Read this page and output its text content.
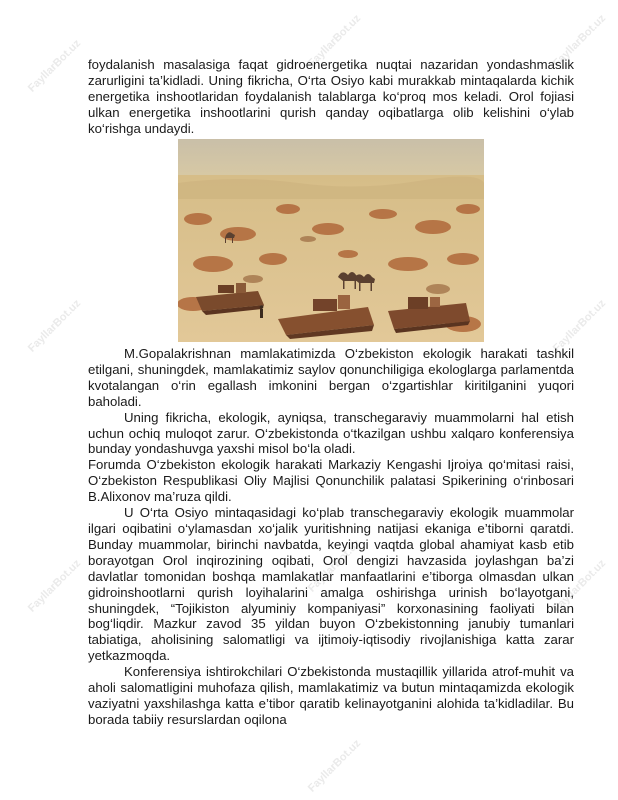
FayllarBot.uz	FayllarBot.uz	FayllarBot.uz
FayllarBot.uz	FayllarBot.uz
FayllarBot.uz	FayllarBot.uz	FayllarBot.uz
FayllarBot.uz

foydalanish masalasiga faqat gidroenergetika nuqtai nazaridan yondashmaslik zarurligini ta’kidladi. Uning fikricha, O‘rta Osiyo kabi murakkab mintaqalarda kichik energetika inshootlaridan foydalanish talablarga ko‘proq mos keladi. Orol fojiasi ulkan energetika inshootlarini qurish qanday oqibatlarga olib kelishini o‘ylab ko‘rishga undaydi.

M.Gopalakrishnan mamlakatimizda O‘zbekiston ekologik harakati tashkil etilgani, shuningdek, mamlakatimiz saylov qonunchiligiga ekologlarga parlamentda kvotalangan o‘rin egallash imkonini bergan o‘zgartishlar kiritilganini yuqori baholadi.

Uning fikricha, ekologik, ayniqsa, transchegaraviy muammolarni hal etish uchun ochiq muloqot zarur. O‘zbekistonda o‘tkazilgan ushbu xalqaro konferensiya bunday yondashuvga yaxshi misol bo‘la oladi.

Forumda O‘zbekiston ekologik harakati Markaziy Kengashi Ijroiya qo‘mitasi raisi, O‘zbekiston Respublikasi Oliy Majlisi Qonunchilik palatasi Spikerining o‘rinbosari B.Alixonov ma’ruza qildi.

U O‘rta Osiyo mintaqasidagi ko‘plab transchegaraviy ekologik muammolar ilgari oqibatini o‘ylamasdan xo‘jalik yuritishning natijasi ekaniga e’tiborni qaratdi. Bunday muammolar, birinchi navbatda, keyingi vaqtda global ahamiyat kasb etib borayotgan Orol inqirozining oqibati, Orol dengizi havzasida joylashgan ba’zi davlatlar tomonidan boshqa mamlakatlar manfaatlarini e’tiborga olmasdan ulkan gidroinshootlarni qurish loyihalarini amalga oshirishga urinish bo‘layotgani, shuningdek, “Tojikiston alyuminiy kompaniyasi” korxonasining faoliyati bilan bog‘liqdir. Mazkur zavod 35 yildan buyon O‘zbekistonning janubiy tumanlari tabiatiga, aholisining salomatligi va ijtimoiy-iqtisodiy rivojlanishiga katta zarar yetkazmoqda.

Konferensiya ishtirokchilari O‘zbekistonda mustaqillik yillarida atrof-muhit va aholi salomatligini muhofaza qilish, mamlakatimiz va butun mintaqamizda ekologik vaziyatni yaxshilashga katta e’tibor qaratib kelinayotganini alohida ta’kidladilar. Bu borada tabiiy resurslardan oqilona
